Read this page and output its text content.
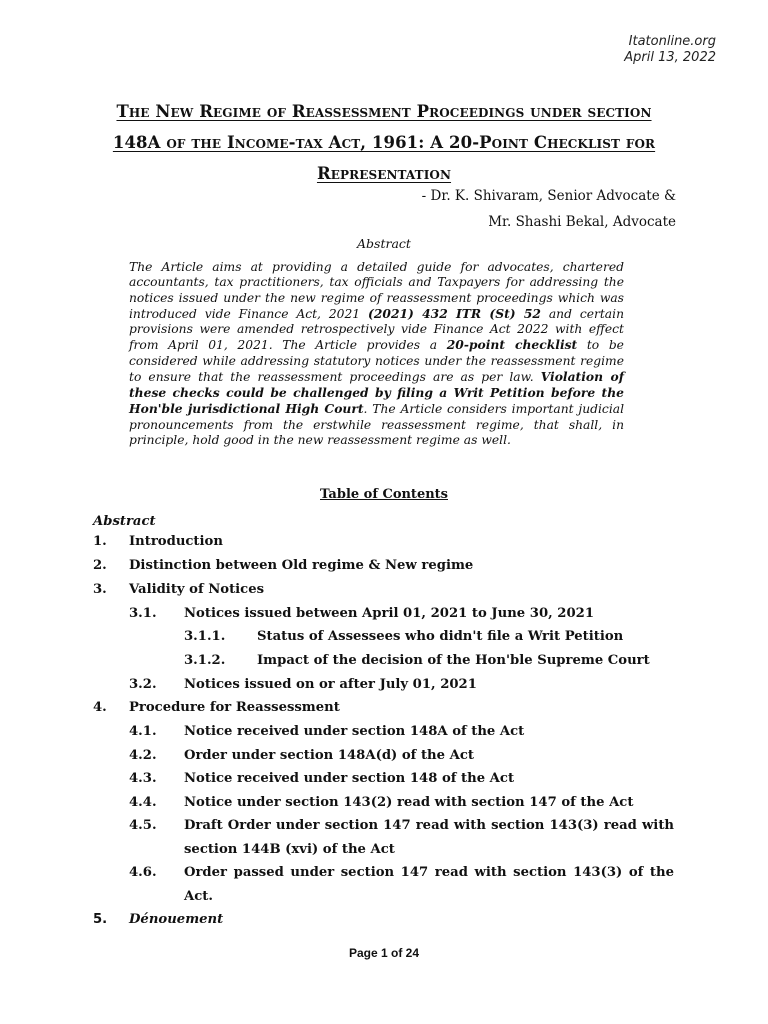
Itatonline.org
April 13, 2022
The New Regime of Reassessment Proceedings under section
148A of the Income-tax Act, 1961: A 20-Point Checklist for
Representation
- Dr. K. Shivaram, Senior Advocate &
Mr. Shashi Bekal, Advocate
Abstract
The Article aims at providing a detailed guide for advocates, chartered accountants, tax practitioners, tax officials and Taxpayers for addressing the notices issued under the new regime of reassessment proceedings which was introduced vide Finance Act, 2021 (2021) 432 ITR (St) 52 and certain provisions were amended retrospectively vide Finance Act 2022 with effect from April 01, 2021. The Article provides a 20-point checklist to be considered while addressing statutory notices under the reassessment regime to ensure that the reassessment proceedings are as per law. Violation of these checks could be challenged by filing a Writ Petition before the Hon'ble jurisdictional High Court. The Article considers important judicial pronouncements from the erstwhile reassessment regime, that shall, in principle, hold good in the new reassessment regime as well.
Table of Contents
Abstract
1. Introduction
2. Distinction between Old regime & New regime
3. Validity of Notices
3.1. Notices issued between April 01, 2021 to June 30, 2021
3.1.1. Status of Assessees who didn't file a Writ Petition
3.1.2. Impact of the decision of the Hon'ble Supreme Court
3.2. Notices issued on or after July 01, 2021
4. Procedure for Reassessment
4.1. Notice received under section 148A of the Act
4.2. Order under section 148A(d) of the Act
4.3. Notice received under section 148 of the Act
4.4. Notice under section 143(2) read with section 147 of the Act
4.5. Draft Order under section 147 read with section 143(3) read with section 144B (xvi) of the Act
4.6. Order passed under section 147 read with section 143(3) of the Act.
5. Dénouement
Page 1 of 24
